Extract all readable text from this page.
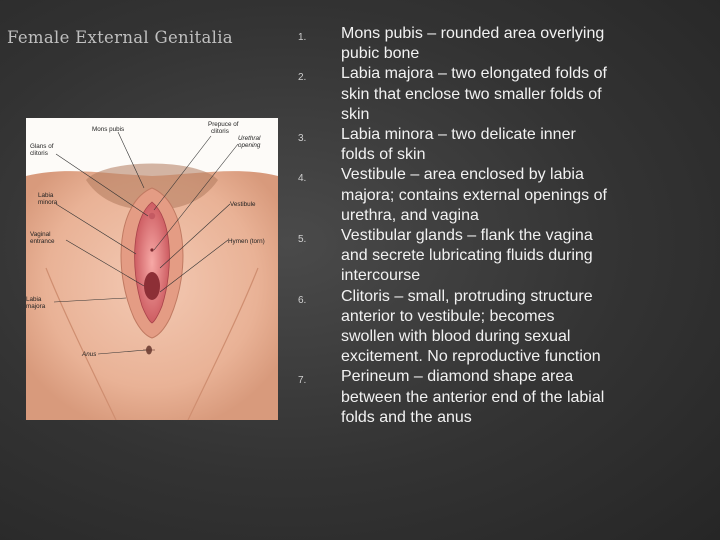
Female External Genitalia
Mons pubis
Prepuce of
clitoris
Glans of
clitoris
Urethral
opening
Labia
minora	Vestibule
Vaginal
entrance	Hymen (torn)
Labia
majora
Anus
1. Mons pubis – rounded area overlying
pubic bone
2. Labia majora – two elongated folds of
skin that enclose two smaller folds of
skin
3. Labia minora – two delicate inner
folds of skin
4. Vestibule – area enclosed by labia
majora; contains external openings of
urethra, and vagina
5. Vestibular glands – flank the vagina
and secrete lubricating fluids during
intercourse
6. Clitoris – small, protruding structure
anterior to vestibule; becomes
swollen with blood during sexual
excitement. No reproductive function
7. Perineum – diamond shape area
between the anterior end of the labial
folds and the anus
